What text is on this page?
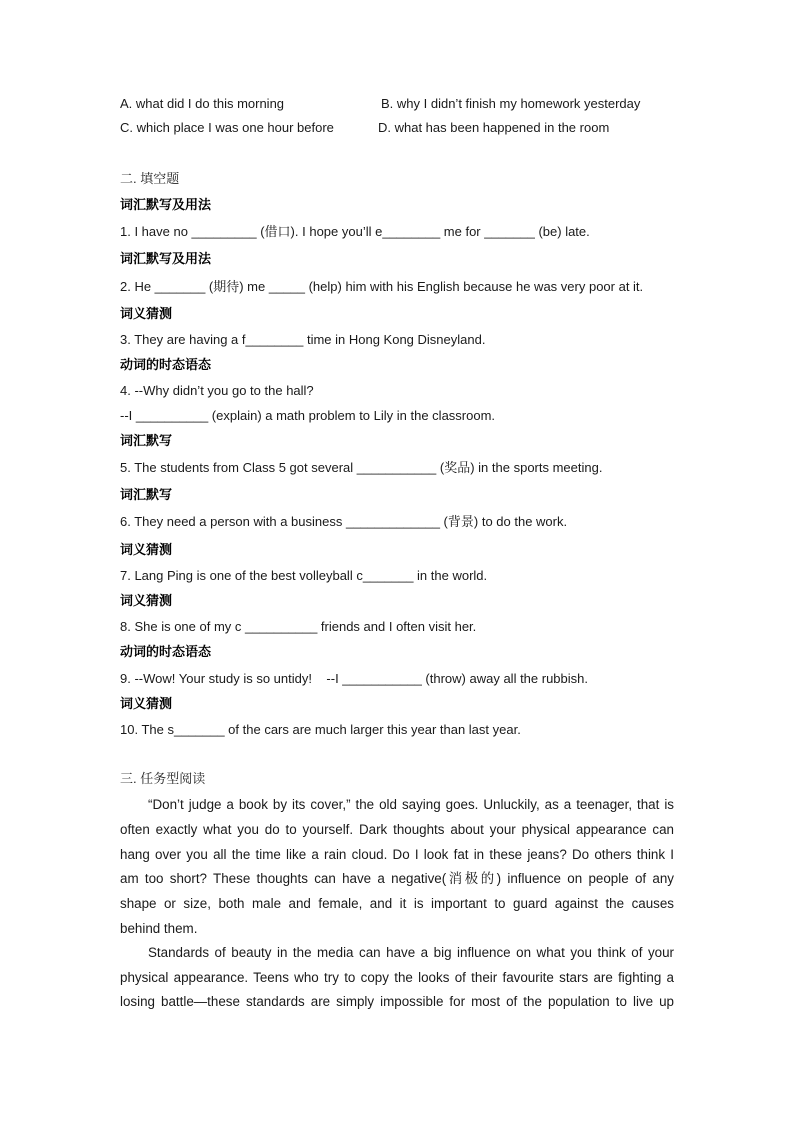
A. what did I do this morning	B. why I didn’t finish my homework yesterday
C. which place I was one hour before	D. what has been happened in the room
二. 填空题
词汇默写及用法
1. I have no _________ (借口). I hope you’ll e________ me for _______ (be) late.
词汇默写及用法
2. He _______ (期待) me _____ (help) him with his English because he was very poor at it.
词义猜测
3. They are having a f________ time in Hong Kong Disneyland.
动词的时态语态
4. --Why didn’t you go to the hall?
--I __________ (explain) a math problem to Lily in the classroom.
词汇默写
5. The students from Class 5 got several ___________ (奖品) in the sports meeting.
词汇默写
6. They need a person with a business _____________ (背景) to do the work.
词义猜测
7. Lang Ping is one of the best volleyball c_______ in the world.
词义猜测
8. She is one of my c __________ friends and I often visit her.
动词的时态语态
9. --Wow! Your study is so untidy!    --I ___________ (throw) away all the rubbish.
词义猜测
10. The s_______ of the cars are much larger this year than last year.
三. 任务型阅读
“Don’t judge a book by its cover,” the old saying goes. Unluckily, as a teenager, that is
often exactly what you do to yourself. Dark thoughts about your physical appearance can
hang over you all the time like a rain cloud. Do I look fat in these jeans? Do others think I
am too short? These thoughts can have a negative(消极的) influence on people of any
shape or size, both male and female, and it is important to guard against the causes
behind them.
Standards of beauty in the media can have a big influence on what you think of your
physical appearance. Teens who try to copy the looks of their favourite stars are fighting a
losing battle—these standards are simply impossible for most of the population to live up
